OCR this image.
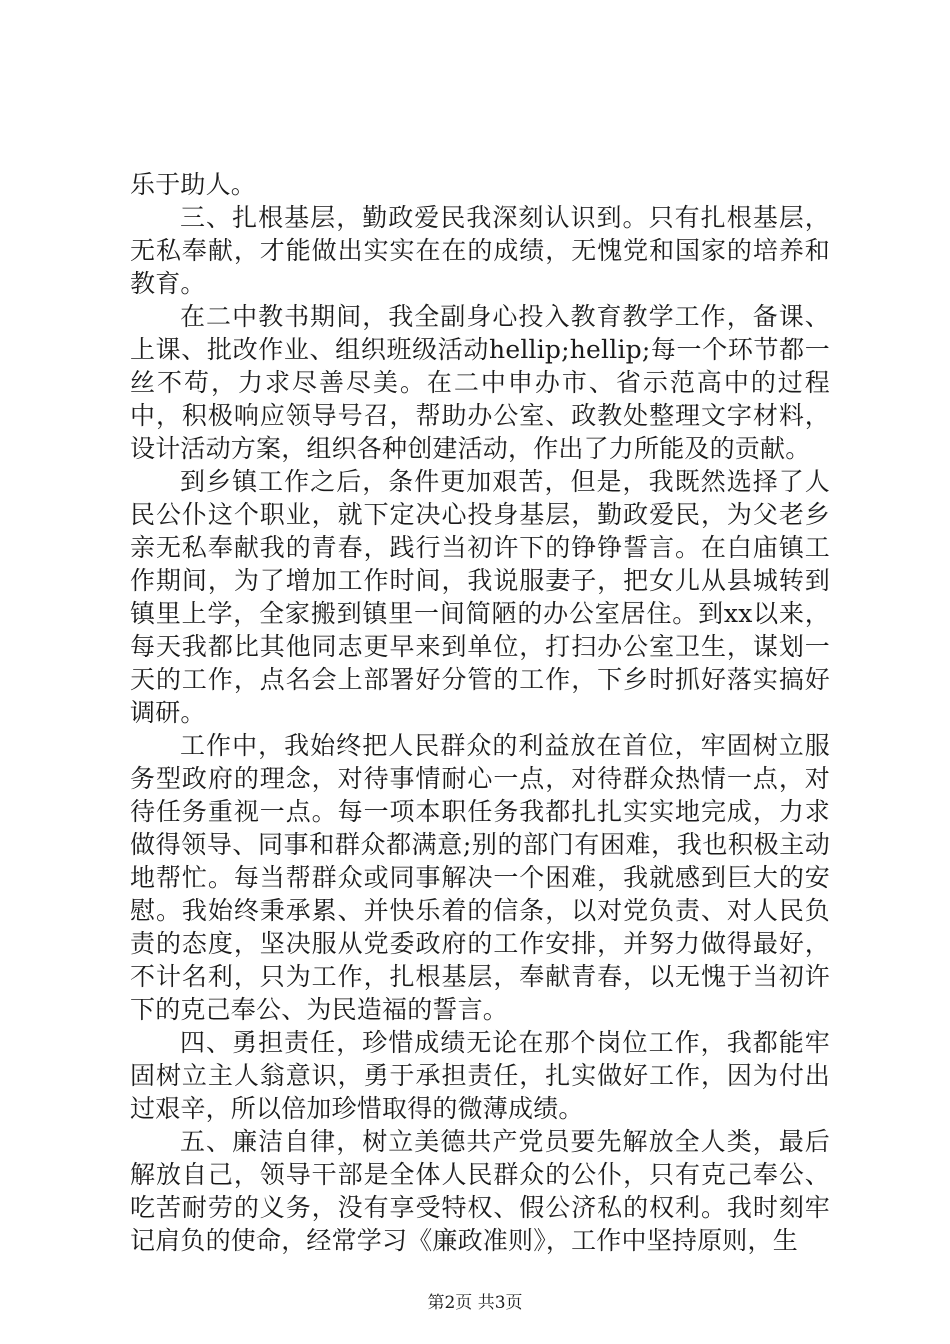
乐于助人。

三、扎根基层，勤政爱民我深刻认识到。只有扎根基层，无私奉献，才能做出实实在在的成绩，无愧党和国家的培养和教育。

在二中教书期间，我全副身心投入教育教学工作，备课、上课、批改作业、组织班级活动hellip;hellip;每一个环节都一丝不苟，力求尽善尽美。在二中申办市、省示范高中的过程中，积极响应领导号召，帮助办公室、政教处整理文字材料，设计活动方案，组织各种创建活动，作出了力所能及的贡献。

到乡镇工作之后，条件更加艰苦，但是，我既然选择了人民公仆这个职业，就下定决心投身基层，勤政爱民，为父老乡亲无私奉献我的青春，践行当初许下的铮铮誓言。在白庙镇工作期间，为了增加工作时间，我说服妻子，把女儿从县城转到镇里上学，全家搬到镇里一间简陋的办公室居住。到xx以来，每天我都比其他同志更早来到单位，打扫办公室卫生，谋划一天的工作，点名会上部署好分管的工作，下乡时抓好落实搞好调研。

工作中，我始终把人民群众的利益放在首位，牢固树立服务型政府的理念，对待事情耐心一点，对待群众热情一点，对待任务重视一点。每一项本职任务我都扎扎实实地完成，力求做得领导、同事和群众都满意;别的部门有困难，我也积极主动地帮忙。每当帮群众或同事解决一个困难，我就感到巨大的安慰。我始终秉承累、并快乐着的信条，以对党负责、对人民负责的态度，坚决服从党委政府的工作安排，并努力做得最好，不计名利，只为工作，扎根基层，奉献青春，以无愧于当初许下的克己奉公、为民造福的誓言。

四、勇担责任，珍惜成绩无论在那个岗位工作，我都能牢固树立主人翁意识，勇于承担责任，扎实做好工作，因为付出过艰辛，所以倍加珍惜取得的微薄成绩。

五、廉洁自律，树立美德共产党员要先解放全人类，最后解放自己，领导干部是全体人民群众的公仆，只有克己奉公、吃苦耐劳的义务，没有享受特权、假公济私的权利。我时刻牢记肩负的使命，经常学习《廉政准则》，工作中坚持原则，生

第2页 共3页
